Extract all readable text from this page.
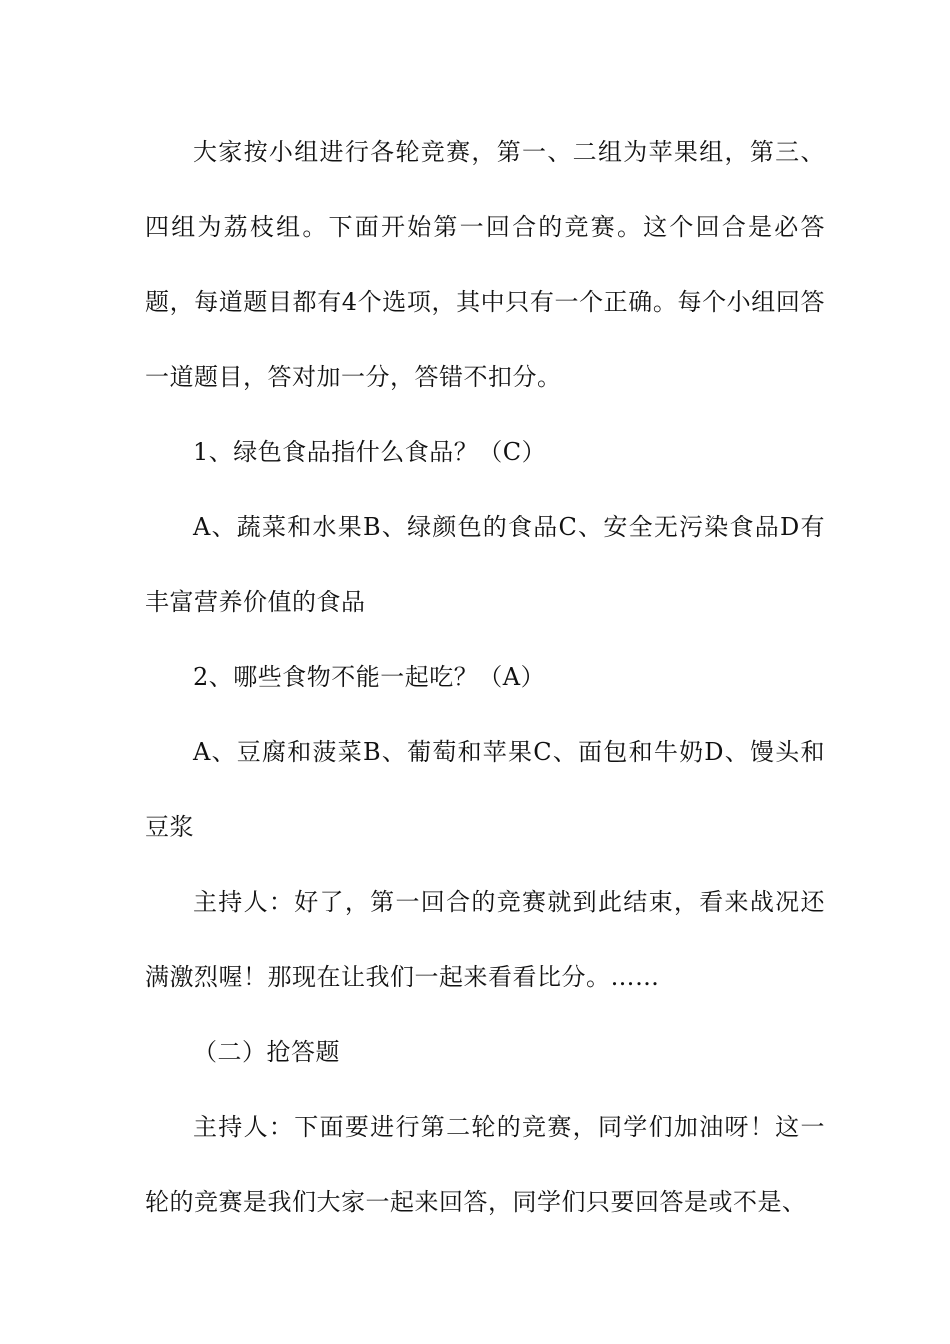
大家按小组进行各轮竞赛，第一、二组为苹果组，第三、四组为荔枝组。下面开始第一回合的竞赛。这个回合是必答题，每道题目都有4个选项，其中只有一个正确。每个小组回答一道题目，答对加一分，答错不扣分。

1、绿色食品指什么食品？（C）

A、蔬菜和水果B、绿颜色的食品C、安全无污染食品D有丰富营养价值的食品

2、哪些食物不能一起吃？（A）

A、豆腐和菠菜B、葡萄和苹果C、面包和牛奶D、馒头和豆浆

主持人：好了，第一回合的竞赛就到此结束，看来战况还满激烈喔！那现在让我们一起来看看比分。……

（二）抢答题

主持人：下面要进行第二轮的竞赛，同学们加油呀！这一轮的竞赛是我们大家一起来回答，同学们只要回答是或不是、
